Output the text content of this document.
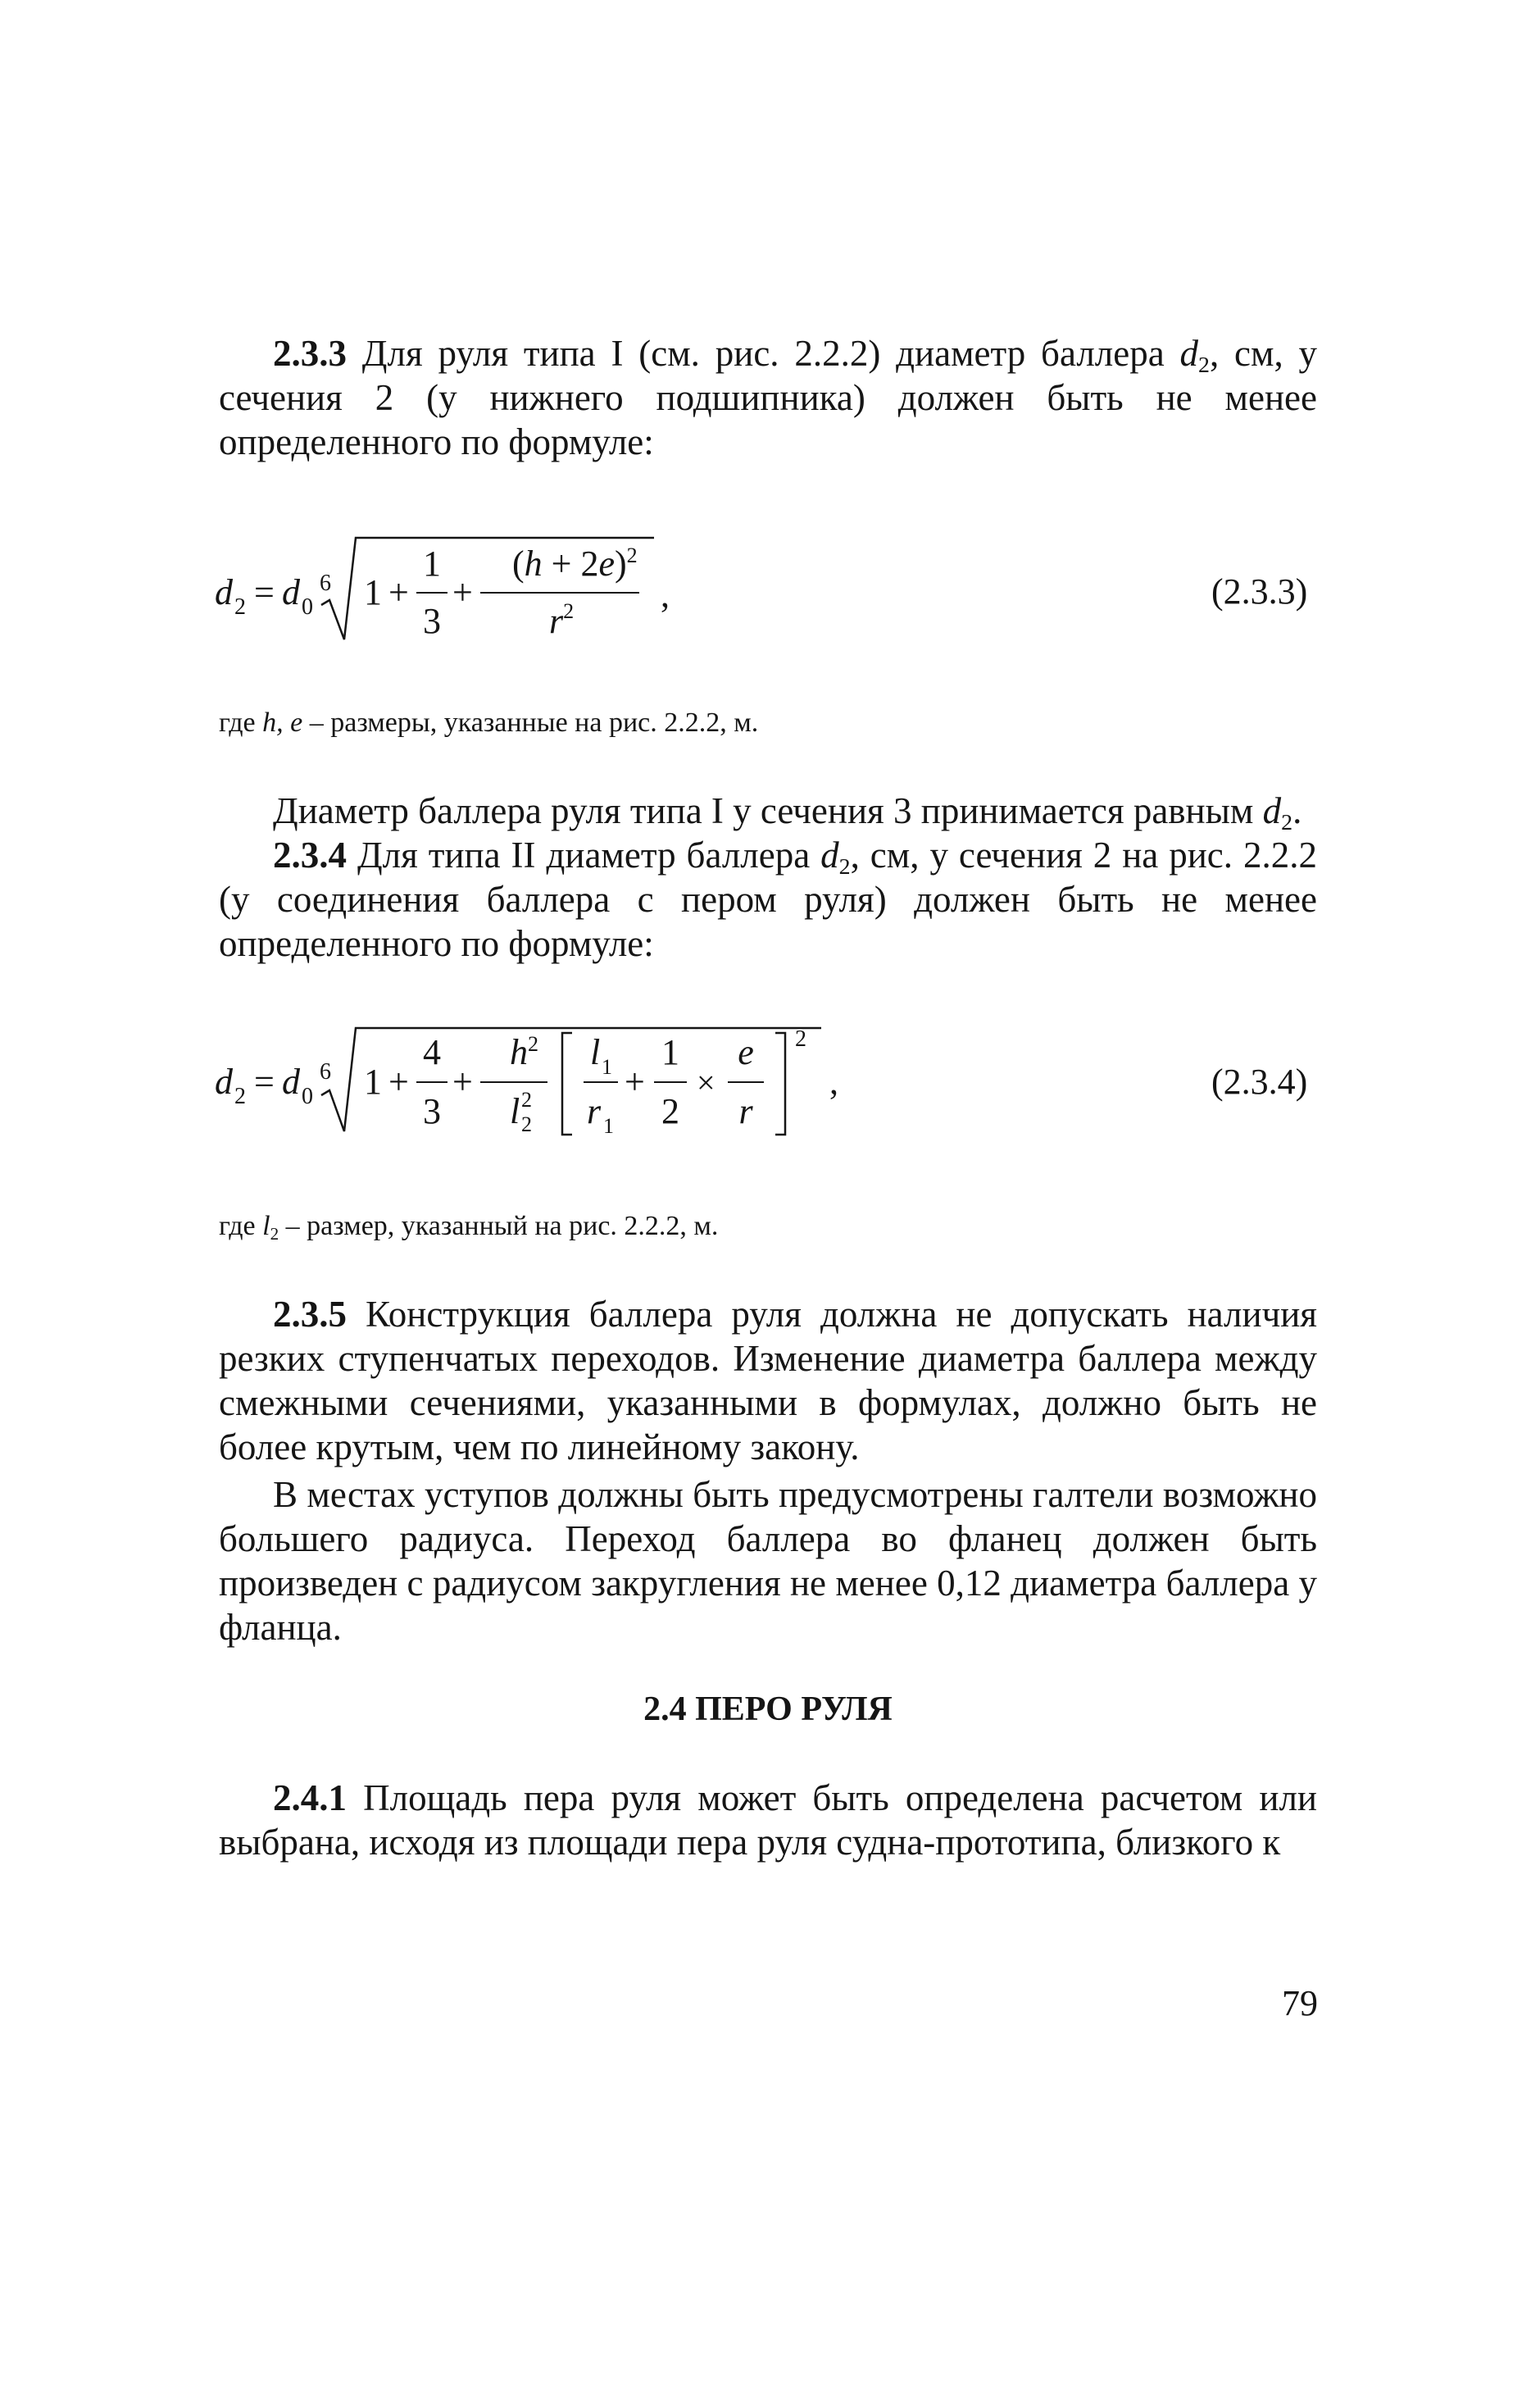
2.3.3 Для руля типа I (см. рис. 2.2.2) диаметр баллера $d_2$, см, у сечения 2 (у нижнего подшипника) должен быть не менее определенного по формуле:

d 2 = d 0
6 1 +
1
3
+
$(h + 2e)^2$
$r^2$ ,	(2.3.3)

где h, e – размеры, указанные на рис. 2.2.2, м.

Диаметр баллера руля типа I у сечения 3 принимается равным $d_2$.

2.3.4 Для типа II диаметр баллера $d_2$, см, у сечения 2 на рис. 2.2.2 (у соединения баллера с пером руля) должен быть не менее определенного по формуле:

d 2 = d 0
6 1 +
4
3
+
$h^2$
l 2
2
l 1
r 1
+
1
2
×
e
r
2
,	(2.3.4)

где $l_2$ – размер, указанный на рис. 2.2.2, м.

2.3.5 Конструкция баллера руля должна не допускать наличия резких ступенчатых переходов. Изменение диаметра баллера между смежными сечениями, указанными в формулах, должно быть не более крутым, чем по линейному закону.

В местах уступов должны быть предусмотрены галтели возможно большего радиуса. Переход баллера во фланец должен быть произведен с радиусом закругления не менее 0,12 диаметра баллера у фланца.

2.4 ПЕРО РУЛЯ

2.4.1 Площадь пера руля может быть определена расчетом или выбрана, исходя из площади пера руля судна-прототипа, близкого к

79
